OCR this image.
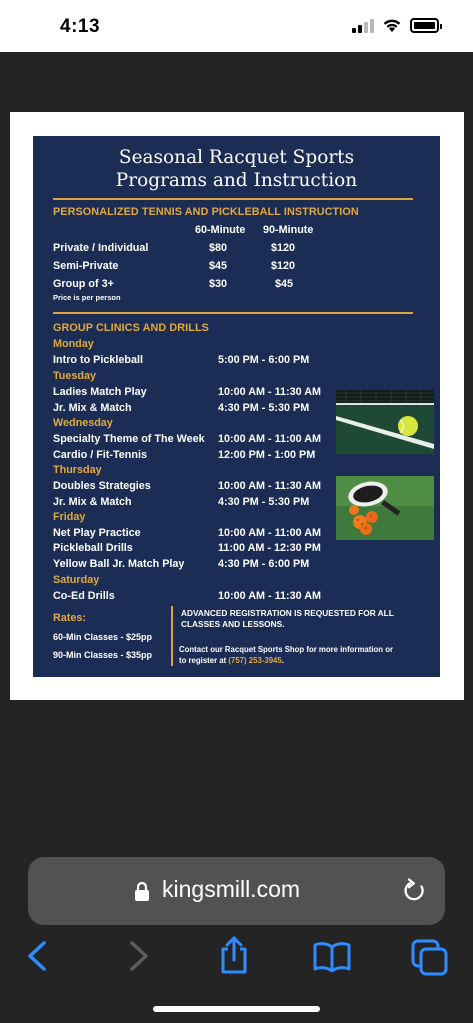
4:13
Seasonal Racquet Sports
Programs and Instruction
PERSONALIZED TENNIS AND PICKLEBALL INSTRUCTION
60-Minute 90-Minute
Private / Individual	$80	$120
Semi-Private	$45	$120
Group of 3+	$30	$45
Price is per person
GROUP CLINICS AND DRILLS
Monday
Intro to Pickleball	5:00 PM - 6:00 PM
Tuesday
Ladies Match Play	10:00 AM - 11:30 AM
Jr. Mix & Match	4:30 PM - 5:30 PM
Wednesday
Specialty Theme of The Week 10:00 AM - 11:00 AM
Cardio / Fit-Tennis	12:00 PM - 1:00 PM
Thursday
Doubles Strategies	10:00 AM - 11:30 AM
Jr. Mix & Match	4:30 PM - 5:30 PM
Friday
Net Play Practice	10:00 AM - 11:00 AM
Pickleball Drills	11:00 AM - 12:30 PM
Yellow Ball Jr. Match Play	4:30 PM - 6:00 PM
Saturday
Co-Ed Drills	10:00 AM - 11:30 AM
Rates:
60-Min Classes - $25pp
90-Min Classes - $35pp
ADVANCED REGISTRATION IS REQUESTED FOR ALL
CLASSES AND LESSONS.
Contact our Racquet Sports Shop for more information or
to register at (757) 253-3945.
kingsmill.com
